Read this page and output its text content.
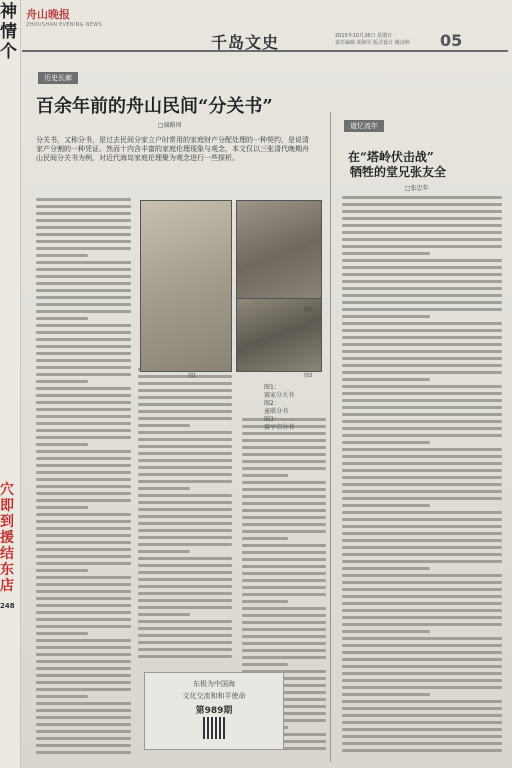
神
情
个
穴
即
到
援
结
东
店
248
舟山晚报
ZHOUSHAN EVENING NEWS
千岛文史	2015年10月26日 星期日
责任编辑 胡海军 版式设计 姚彦婷	05
历史长廊
百余年前的舟山民间“分关书”
□谢路周
分关书，又称分书，是过去民间分家立户时常用的家庭财产分配处理的一种契约，是说清家产分割的一种凭证。然而十内含丰富的家庭伦理现象与观念，本文仅以三张清代晚期舟山民间分关书为例，对近代海岛家庭伦理聚为观念进行一些探析。
图1
图2
图3
图1：
赛家分关书
图2：
童联分书
图3：
赛亨宗分书
东极为中国海
文化交流和和平使命
第989期
道忆流年
在“塔岭伏击战”
牺牲的堂兄张友全
□张忠年
